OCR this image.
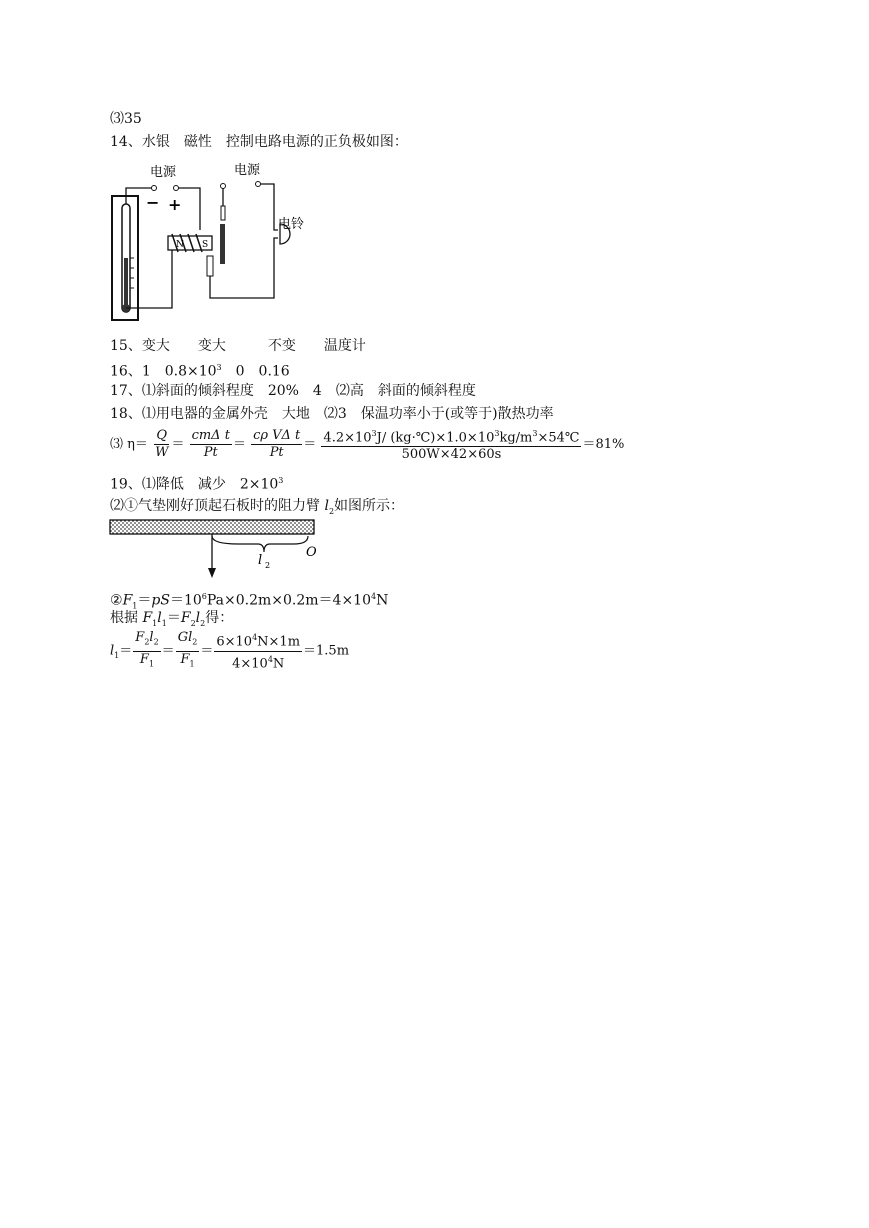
⑶35
14、水银　磁性　控制电路电源的正负极如图：
电源
− +
电源
电铃
N S
15、变大　　变大　　　不变　　温度计
16、1　$0.8\times 10^3$　0　0.16
17、⑴斜面的倾斜程度　20%　4　⑵高　斜面的倾斜程度
18、⑴用电器的金属外壳　大地　⑵3　保温功率小于(或等于)散热功率
⑶ $\eta= \frac{Q}{W} = \frac{\text{cmΔ t}}{Pt} = \frac{\text{cρ VΔ t}}{Pt} = \frac{4.2\times 10^3J/ (kg\cdot℃)\times 1.0\times 10^3kg/m^3\times 54℃}{500W\times 42\times 60s} =81\%$
19、⑴降低　减少　$2\times 10^3$
⑵①气垫刚好顶起石板时的阻力臂 $l_2$如图所示：
l 2
O
$②F_1=pS=10^6Pa\times 0.2m\times 0.2m=4\times 10^4N$
根据 $F_1l_1=F_2l_2$得：
$l_1= \frac{F_2l_2}{F_1} = \frac{Gl_2}{F_1} = \frac{6\times 10^4N\times 1m}{4\times 10^4N} =1.5m$
